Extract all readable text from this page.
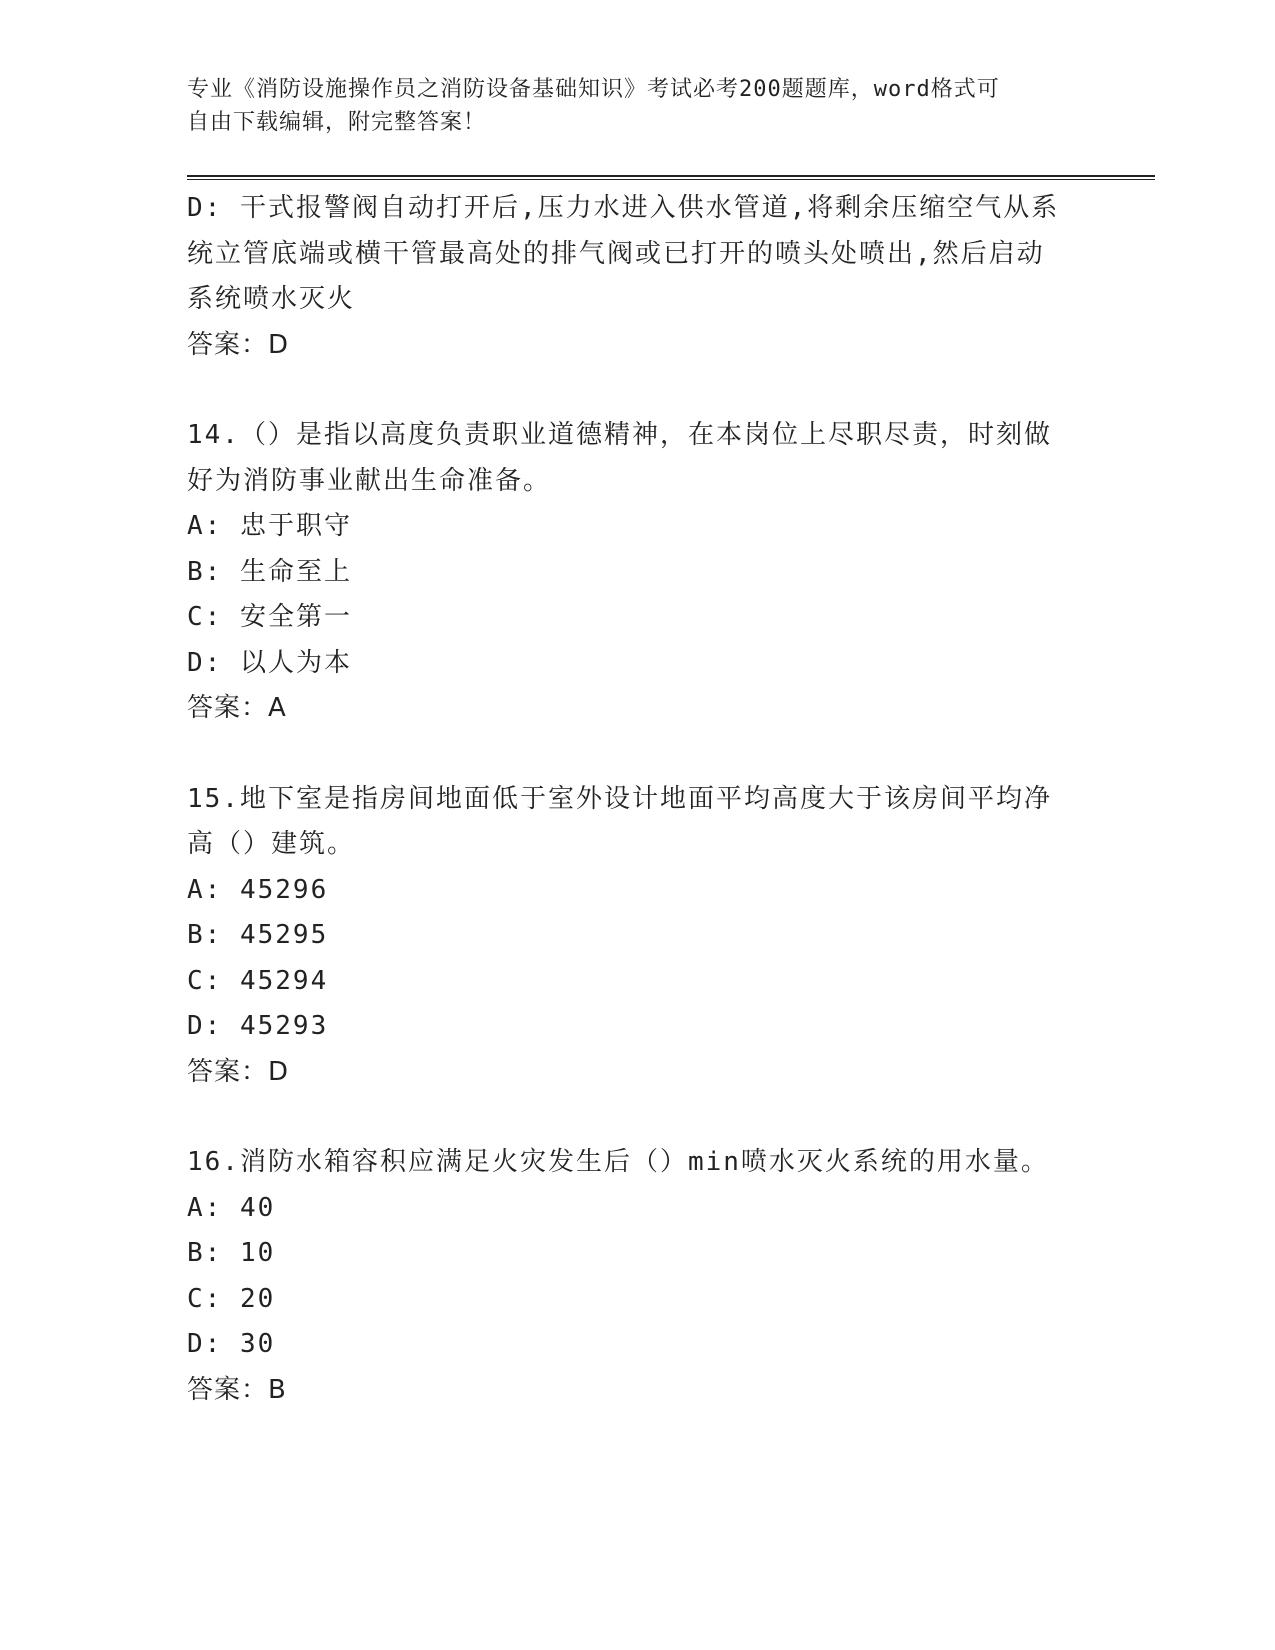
专业《消防设施操作员之消防设备基础知识》考试必考200题题库，word格式可
自由下载编辑，附完整答案！
D: 干式报警阀自动打开后,压力水进入供水管道,将剩余压缩空气从系
统立管底端或横干管最高处的排气阀或已打开的喷头处喷出,然后启动
系统喷水灭火
答案：D
14.（）是指以高度负责职业道德精神，在本岗位上尽职尽责，时刻做
好为消防事业献出生命准备。
A: 忠于职守
B: 生命至上
C: 安全第一
D: 以人为本
答案：A
15.地下室是指房间地面低于室外设计地面平均高度大于该房间平均净
高（）建筑。
A: 45296
B: 45295
C: 45294
D: 45293
答案：D
16.消防水箱容积应满足火灾发生后（）min喷水灭火系统的用水量。
A: 40
B: 10
C: 20
D: 30
答案：B
